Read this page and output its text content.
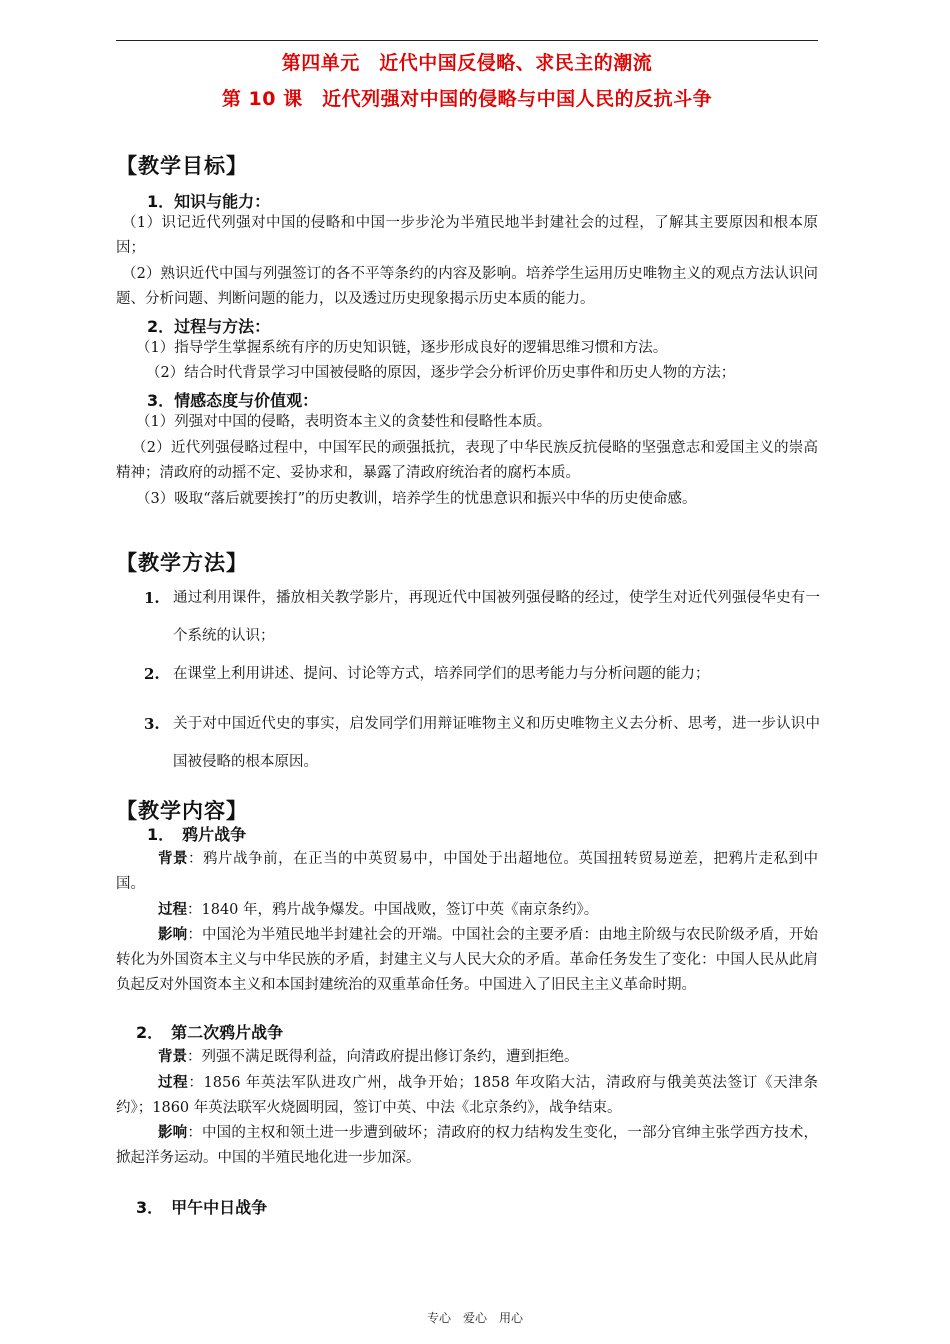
第四单元　近代中国反侵略、求民主的潮流
第 10 课　近代列强对中国的侵略与中国人民的反抗斗争
【教学目标】
1．知识与能力：
（1）识记近代列强对中国的侵略和中国一步步沦为半殖民地半封建社会的过程，了解其主要原因和根本原因；
（2）熟识近代中国与列强签订的各不平等条约的内容及影响。培养学生运用历史唯物主义的观点方法认识问题、分析问题、判断问题的能力，以及透过历史现象揭示历史本质的能力。
2．过程与方法：
（1）指导学生掌握系统有序的历史知识链，逐步形成良好的逻辑思维习惯和方法。
（2）结合时代背景学习中国被侵略的原因，逐步学会分析评价历史事件和历史人物的方法；
3．情感态度与价值观：
（1）列强对中国的侵略，表明资本主义的贪婪性和侵略性本质。
（2）近代列强侵略过程中，中国军民的顽强抵抗，表现了中华民族反抗侵略的坚强意志和爱国主义的崇高精神；清政府的动摇不定、妥协求和，暴露了清政府统治者的腐朽本质。
（3）吸取“落后就要挨打”的历史教训，培养学生的忧患意识和振兴中华的历史使命感。
【教学方法】
1. 通过利用课件，播放相关教学影片，再现近代中国被列强侵略的经过，使学生对近代列强侵华史有一个系统的认识；
2. 在课堂上利用讲述、提问、讨论等方式，培养同学们的思考能力与分析问题的能力；
3. 关于对中国近代史的事实，启发同学们用辩证唯物主义和历史唯物主义去分析、思考，进一步认识中国被侵略的根本原因。
【教学内容】
1．　鸦片战争
背景：鸦片战争前，在正当的中英贸易中，中国处于出超地位。英国扭转贸易逆差，把鸦片走私到中国。
过程：1840 年，鸦片战争爆发。中国战败，签订中英《南京条约》。
影响：中国沦为半殖民地半封建社会的开端。中国社会的主要矛盾：由地主阶级与农民阶级矛盾，开始转化为外国资本主义与中华民族的矛盾，封建主义与人民大众的矛盾。革命任务发生了变化：中国人民从此肩负起反对外国资本主义和本国封建统治的双重革命任务。中国进入了旧民主主义革命时期。
2．　第二次鸦片战争
背景：列强不满足既得利益，向清政府提出修订条约，遭到拒绝。
过程：1856 年英法军队进攻广州，战争开始；1858 年攻陷大沽，清政府与俄美英法签订《天津条约》；1860 年英法联军火烧圆明园，签订中英、中法《北京条约》，战争结束。
影响：中国的主权和领土进一步遭到破坏；清政府的权力结构发生变化，一部分官绅主张学西方技术，掀起洋务运动。中国的半殖民地化进一步加深。
3．　甲午中日战争
专心　爱心　用心
